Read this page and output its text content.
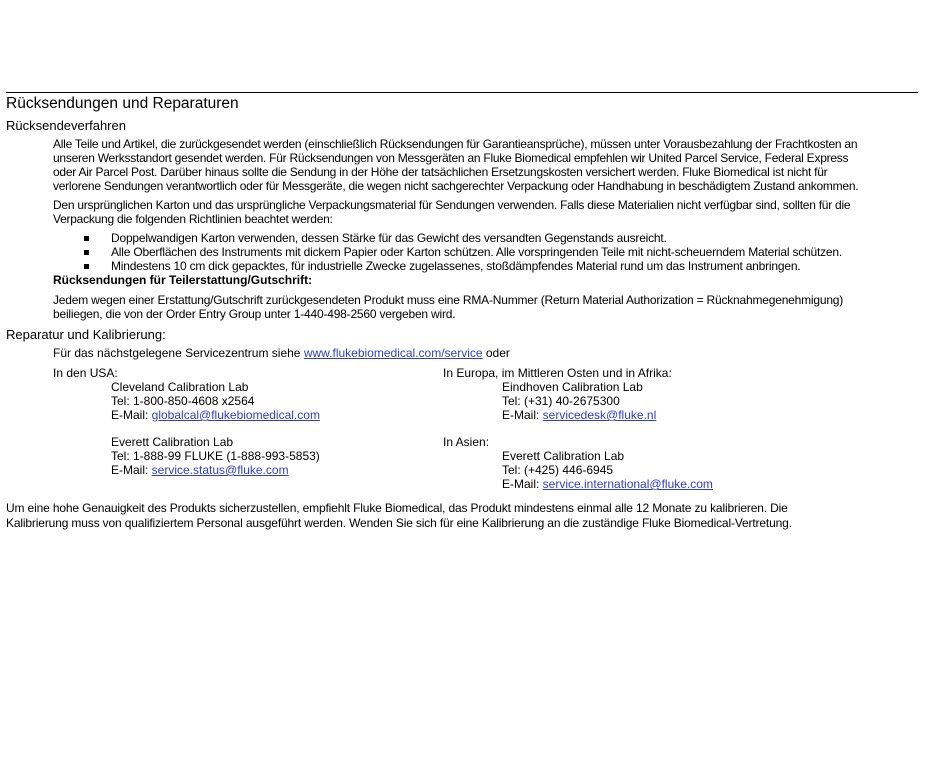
Rücksendungen und Reparaturen
Rücksendeverfahren
Alle Teile und Artikel, die zurückgesendet werden (einschließlich Rücksendungen für Garantieansprüche), müssen unter Vorausbezahlung der Frachtkosten an
unseren Werksstandort gesendet werden. Für Rücksendungen von Messgeräten an Fluke Biomedical empfehlen wir United Parcel Service, Federal Express
oder Air Parcel Post. Darüber hinaus sollte die Sendung in der Höhe der tatsächlichen Ersetzungskosten versichert werden. Fluke Biomedical ist nicht für
verlorene Sendungen verantwortlich oder für Messgeräte, die wegen nicht sachgerechter Verpackung oder Handhabung in beschädigtem Zustand ankommen.
Den ursprünglichen Karton und das ursprüngliche Verpackungsmaterial für Sendungen verwenden. Falls diese Materialien nicht verfügbar sind, sollten für die
Verpackung die folgenden Richtlinien beachtet werden:
Doppelwandigen Karton verwenden, dessen Stärke für das Gewicht des versandten Gegenstands ausreicht.
Alle Oberflächen des Instruments mit dickem Papier oder Karton schützen. Alle vorspringenden Teile mit nicht-scheuerndem Material schützen.
Mindestens 10 cm dick gepacktes, für industrielle Zwecke zugelassenes, stoßdämpfendes Material rund um das Instrument anbringen.
Rücksendungen für Teilerstattung/Gutschrift:
Jedem wegen einer Erstattung/Gutschrift zurückgesendeten Produkt muss eine RMA-Nummer (Return Material Authorization = Rücknahmegenehmigung)
beiliegen, die von der Order Entry Group unter 1-440-498-2560 vergeben wird.
Reparatur und Kalibrierung:
Für das nächstgelegene Servicezentrum siehe www.flukebiomedical.com/service oder
In den USA:
Cleveland Calibration Lab
Tel: 1-800-850-4608 x2564
E-Mail: globalcal@flukebiomedical.com
Everett Calibration Lab
Tel: 1-888-99 FLUKE (1-888-993-5853)
E-Mail: service.status@fluke.com
In Europa, im Mittleren Osten und in Afrika:
Eindhoven Calibration Lab
Tel: (+31) 40-2675300
E-Mail: servicedesk@fluke.nl
In Asien:
Everett Calibration Lab
Tel: (+425) 446-6945
E-Mail: service.international@fluke.com
Um eine hohe Genauigkeit des Produkts sicherzustellen, empfiehlt Fluke Biomedical, das Produkt mindestens einmal alle 12 Monate zu kalibrieren. Die
Kalibrierung muss von qualifiziertem Personal ausgeführt werden. Wenden Sie sich für eine Kalibrierung an die zuständige Fluke Biomedical-Vertretung.
